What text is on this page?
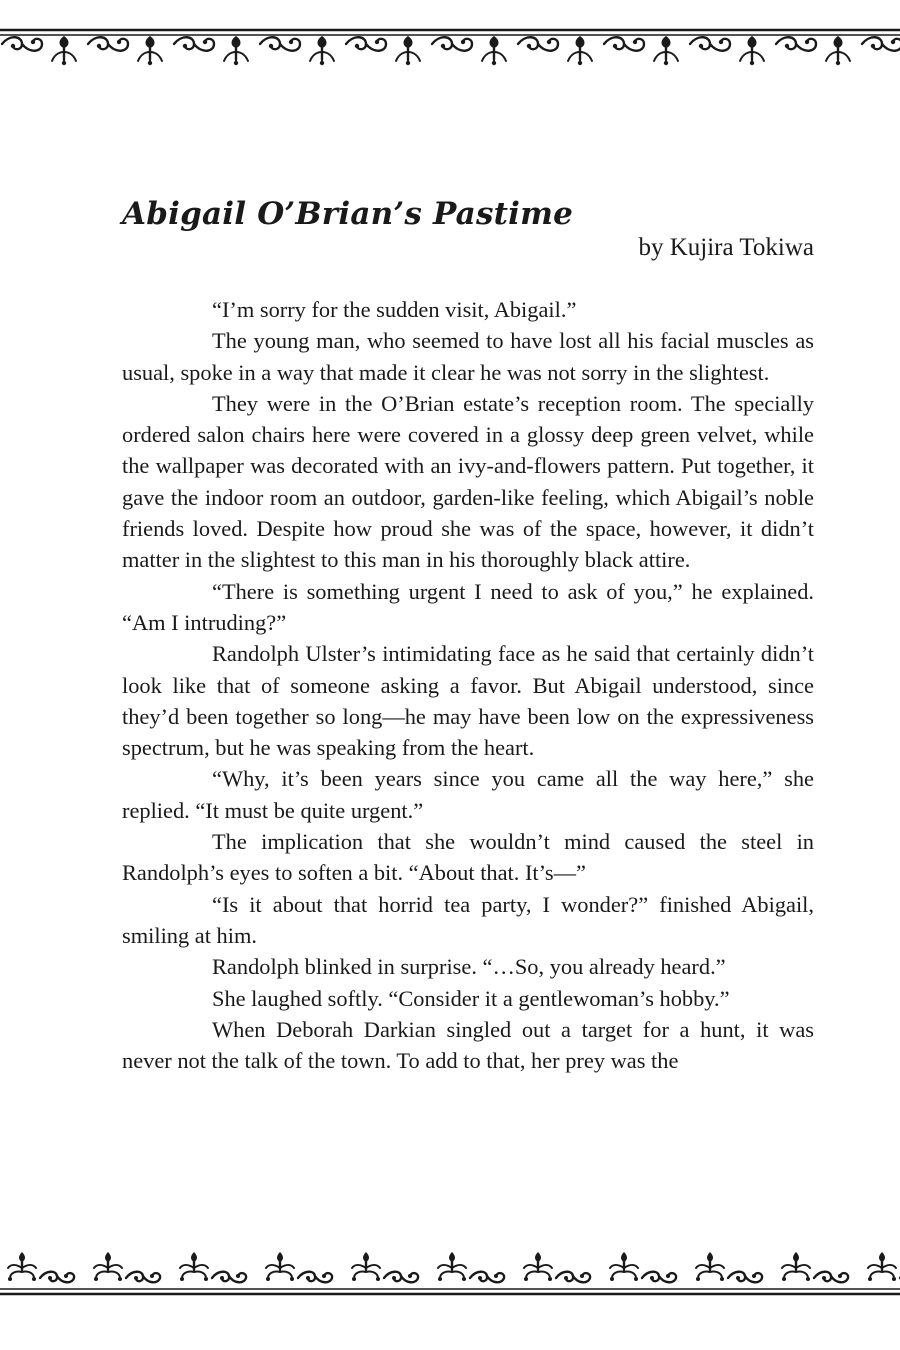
Abigail O’Brian’s Pastime
by Kujira Tokiwa

“I’m sorry for the sudden visit, Abigail.”

The young man, who seemed to have lost all his facial muscles as usual, spoke in a way that made it clear he was not sorry in the slightest.

They were in the O’Brian estate’s reception room. The specially ordered salon chairs here were covered in a glossy deep green velvet, while the wallpaper was decorated with an ivy-and-flowers pattern. Put together, it gave the indoor room an outdoor, garden-like feeling, which Abigail’s noble friends loved. Despite how proud she was of the space, however, it didn’t matter in the slightest to this man in his thoroughly black attire.

“There is something urgent I need to ask of you,” he explained. “Am I intruding?”

Randolph Ulster’s intimidating face as he said that certainly didn’t look like that of someone asking a favor. But Abigail understood, since they’d been together so long—he may have been low on the expressiveness spectrum, but he was speaking from the heart.

“Why, it’s been years since you came all the way here,” she replied. “It must be quite urgent.”

The implication that she wouldn’t mind caused the steel in Randolph’s eyes to soften a bit. “About that. It’s—”

“Is it about that horrid tea party, I wonder?” finished Abigail, smiling at him.

Randolph blinked in surprise. “…So, you already heard.”

She laughed softly. “Consider it a gentlewoman’s hobby.”

When Deborah Darkian singled out a target for a hunt, it was never not the talk of the town. To add to that, her prey was the
